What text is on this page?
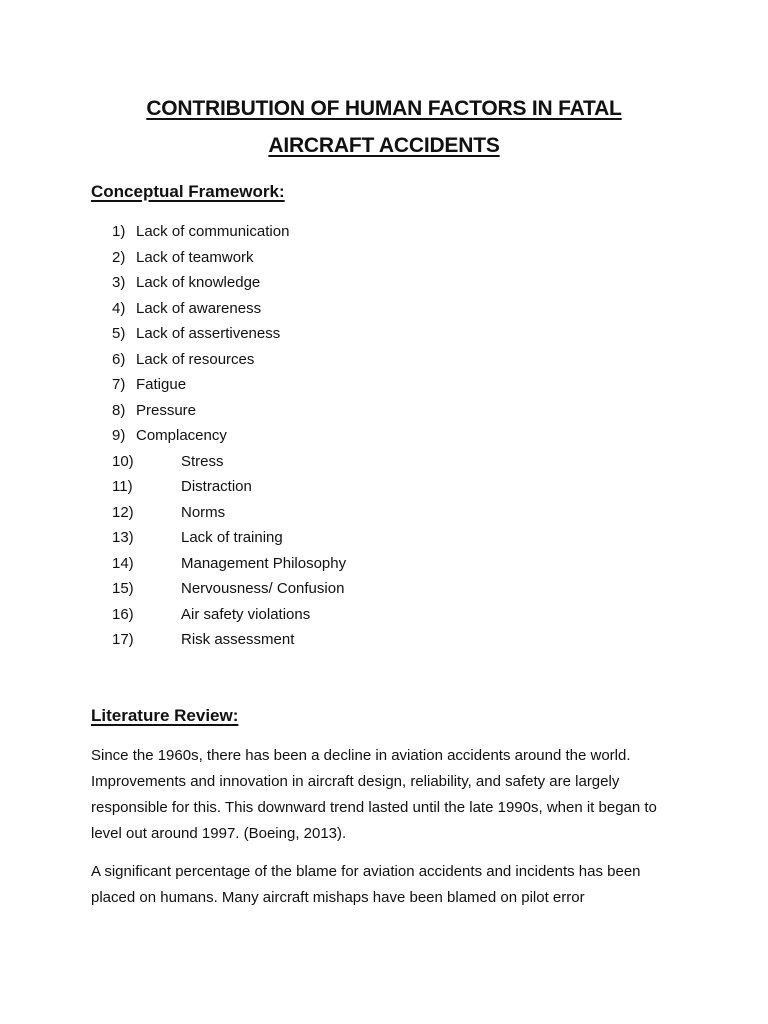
CONTRIBUTION OF HUMAN FACTORS IN FATAL
AIRCRAFT ACCIDENTS
Conceptual Framework:
1) Lack of communication
2) Lack of teamwork
3) Lack of knowledge
4) Lack of awareness
5) Lack of assertiveness
6) Lack of resources
7) Fatigue
8) Pressure
9) Complacency
10)	Stress
11)	Distraction
12)	Norms
13)	Lack of training
14)	Management Philosophy
15)	Nervousness/ Confusion
16)	Air safety violations
17)	Risk assessment
Literature Review:

Since the 1960s, there has been a decline in aviation accidents around the world. Improvements and innovation in aircraft design, reliability, and safety are largely responsible for this. This downward trend lasted until the late 1990s, when it began to level out around 1997. (Boeing, 2013).

A significant percentage of the blame for aviation accidents and incidents has been placed on humans. Many aircraft mishaps have been blamed on pilot error
